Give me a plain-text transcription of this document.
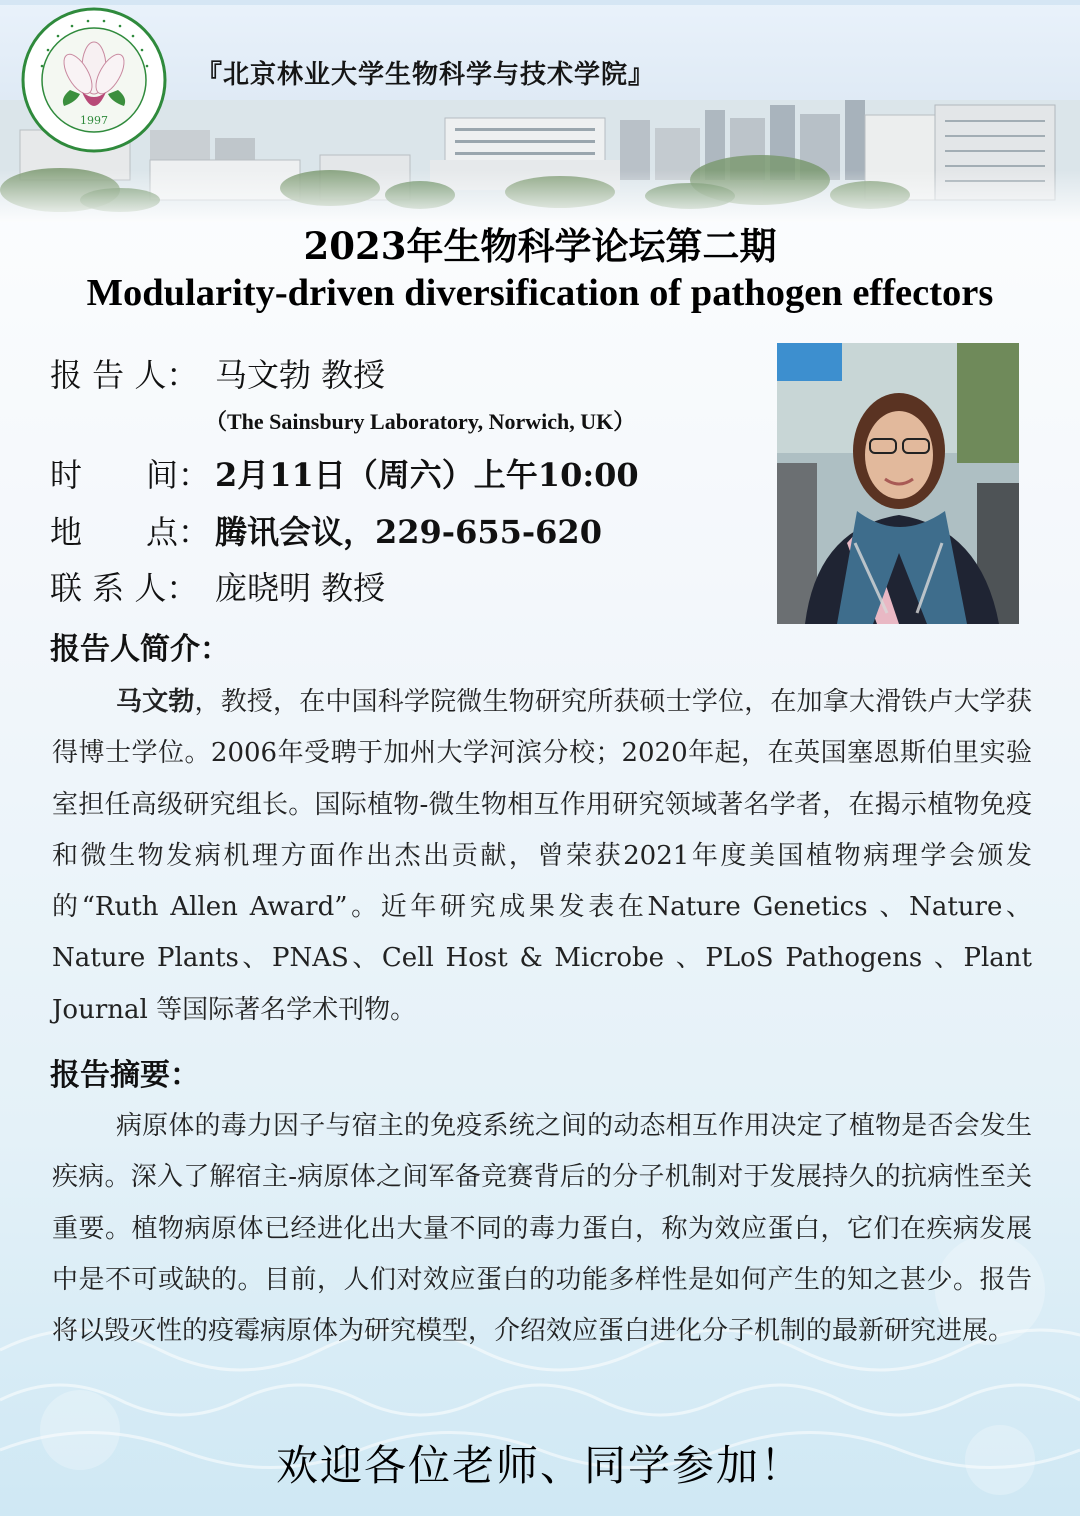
1997
『北京林业大学生物科学与技术学院』
2023年生物科学论坛第二期
Modularity-driven diversification of pathogen effectors
报 告 人： 马文勃 教授
（The Sainsbury Laboratory, Norwich, UK）
时　　间： 2月11日（周六）上午10:00
地　　点： 腾讯会议，229-655-620
联 系 人： 庞晓明 教授
报告人简介：

马文勃，教授，在中国科学院微生物研究所获硕士学位，在加拿大滑铁卢大学获得博士学位。2006年受聘于加州大学河滨分校；2020年起，在英国塞恩斯伯里实验室担任高级研究组长。国际植物-微生物相互作用研究领域著名学者，在揭示植物免疫和微生物发病机理方面作出杰出贡献，曾荣获2021年度美国植物病理学会颁发的“Ruth Allen Award”。近年研究成果发表在Nature Genetics 、Nature、Nature Plants、PNAS、Cell Host & Microbe 、PLoS Pathogens 、Plant Journal 等国际著名学术刊物。

报告摘要：

病原体的毒力因子与宿主的免疫系统之间的动态相互作用决定了植物是否会发生疾病。深入了解宿主-病原体之间军备竞赛背后的分子机制对于发展持久的抗病性至关重要。植物病原体已经进化出大量不同的毒力蛋白，称为效应蛋白，它们在疾病发展中是不可或缺的。目前，人们对效应蛋白的功能多样性是如何产生的知之甚少。报告将以毁灭性的疫霉病原体为研究模型，介绍效应蛋白进化分子机制的最新研究进展。

欢迎各位老师、同学参加！
